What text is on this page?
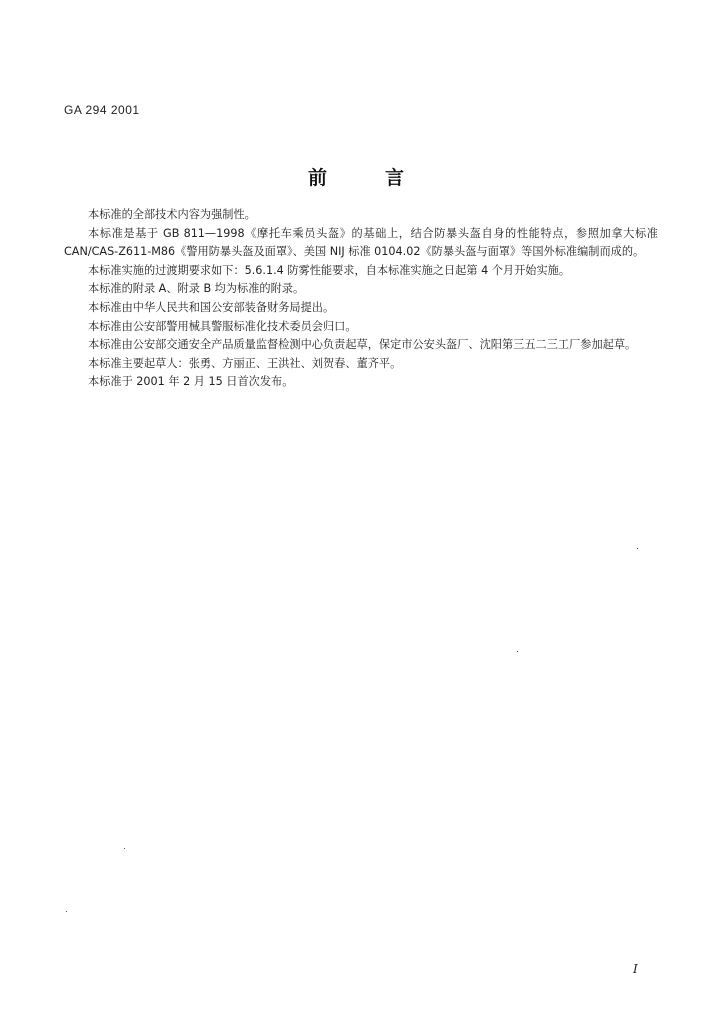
GA 294 2001
前言

本标准的全部技术内容为强制性。

本标准是基于 GB 811—1998《摩托车乘员头盔》的基础上，结合防暴头盔自身的性能特点，参照加拿大标准 CAN/CAS-Z611-M86《警用防暴头盔及面罩》、美国 NIJ 标准 0104.02《防暴头盔与面罩》等国外标准编制而成的。

本标准实施的过渡期要求如下：5.6.1.4 防雾性能要求，自本标准实施之日起第 4 个月开始实施。

本标准的附录 A、附录 B 均为标准的附录。

本标准由中华人民共和国公安部装备财务局提出。

本标准由公安部警用械具警服标准化技术委员会归口。

本标准由公安部交通安全产品质量监督检测中心负责起草，保定市公安头盔厂、沈阳第三五二三工厂参加起草。

本标准主要起草人：张勇、方丽正、王洪社、刘贺春、董齐平。

本标准于 2001 年 2 月 15 日首次发布。

I
